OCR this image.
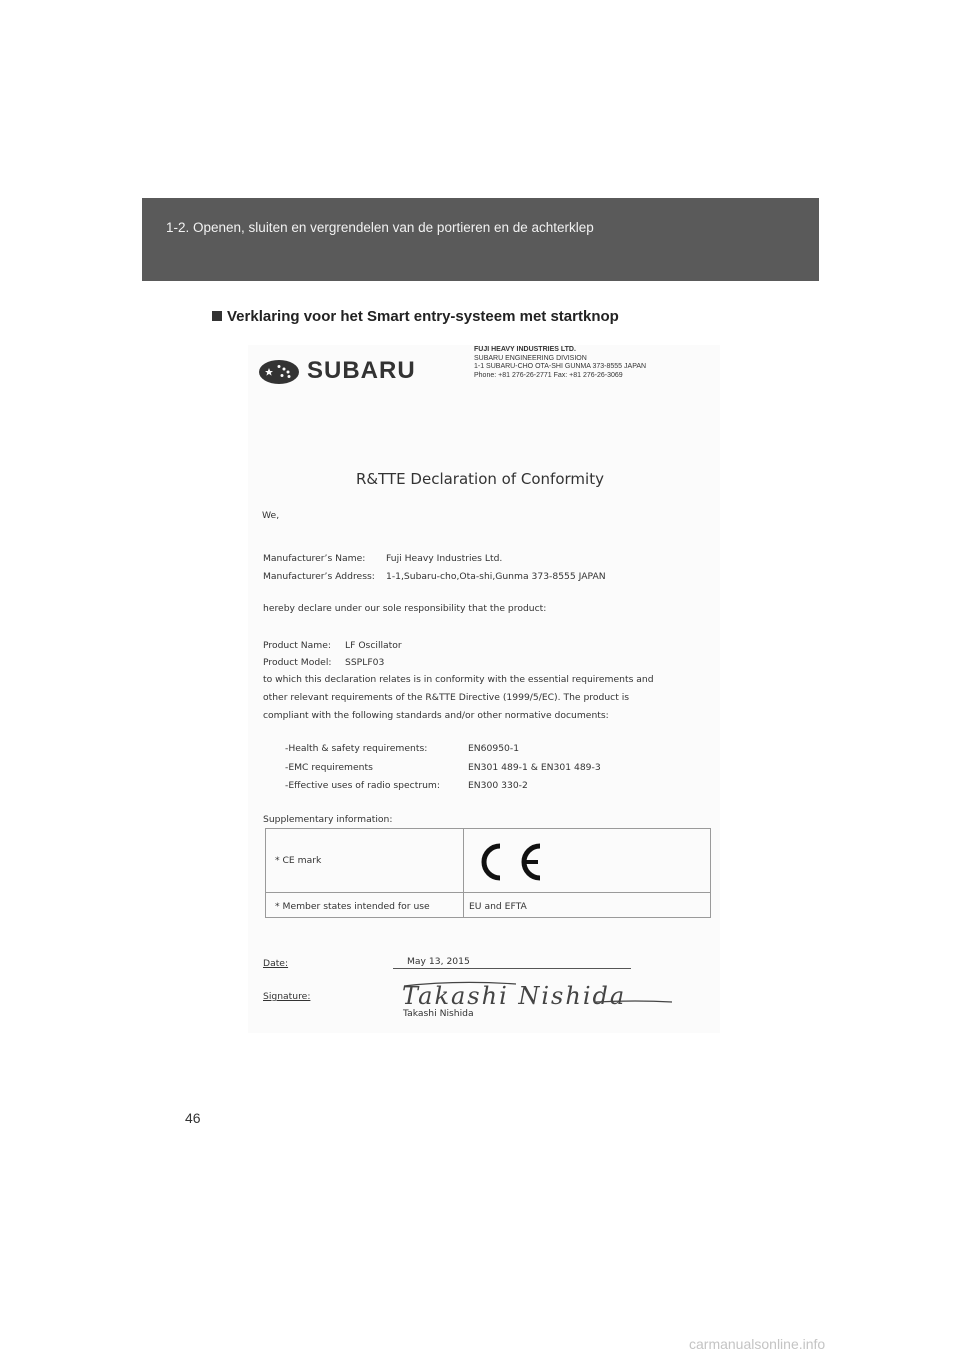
1-2. Openen, sluiten en vergrendelen van de portieren en de achterklep
Verklaring voor het Smart entry-systeem met startknop
SUBARU
FUJI HEAVY INDUSTRIES LTD.
SUBARU ENGINEERING DIVISION
1-1 SUBARU-CHO OTA-SHI GUNMA 373-8555 JAPAN
Phone: +81 276-26-2771 Fax: +81 276-26-3069
R&TTE Declaration of Conformity
We,
Manufacturer’s Name: Fuji Heavy Industries Ltd.
Manufacturer’s Address: 1-1,Subaru-cho,Ota-shi,Gunma 373-8555 JAPAN
hereby declare under our sole responsibility that the product:
Product Name: LF Oscillator
Product Model: SSPLF03
to which this declaration relates is in conformity with the essential requirements and
other relevant requirements of the R&TTE Directive (1999/5/EC). The product is
compliant with the following standards and/or other normative documents:
-Health & safety requirements:	EN60950-1
-EMC requirements	EN301 489-1 & EN301 489-3
-Effective uses of radio spectrum:	EN300 330-2
Supplementary information:
* CE mark
* Member states intended for use	EU and EFTA
Date:	May 13, 2015
Signature:	Takashi Nishida
Takashi Nishida
46
carmanualsonline.info
